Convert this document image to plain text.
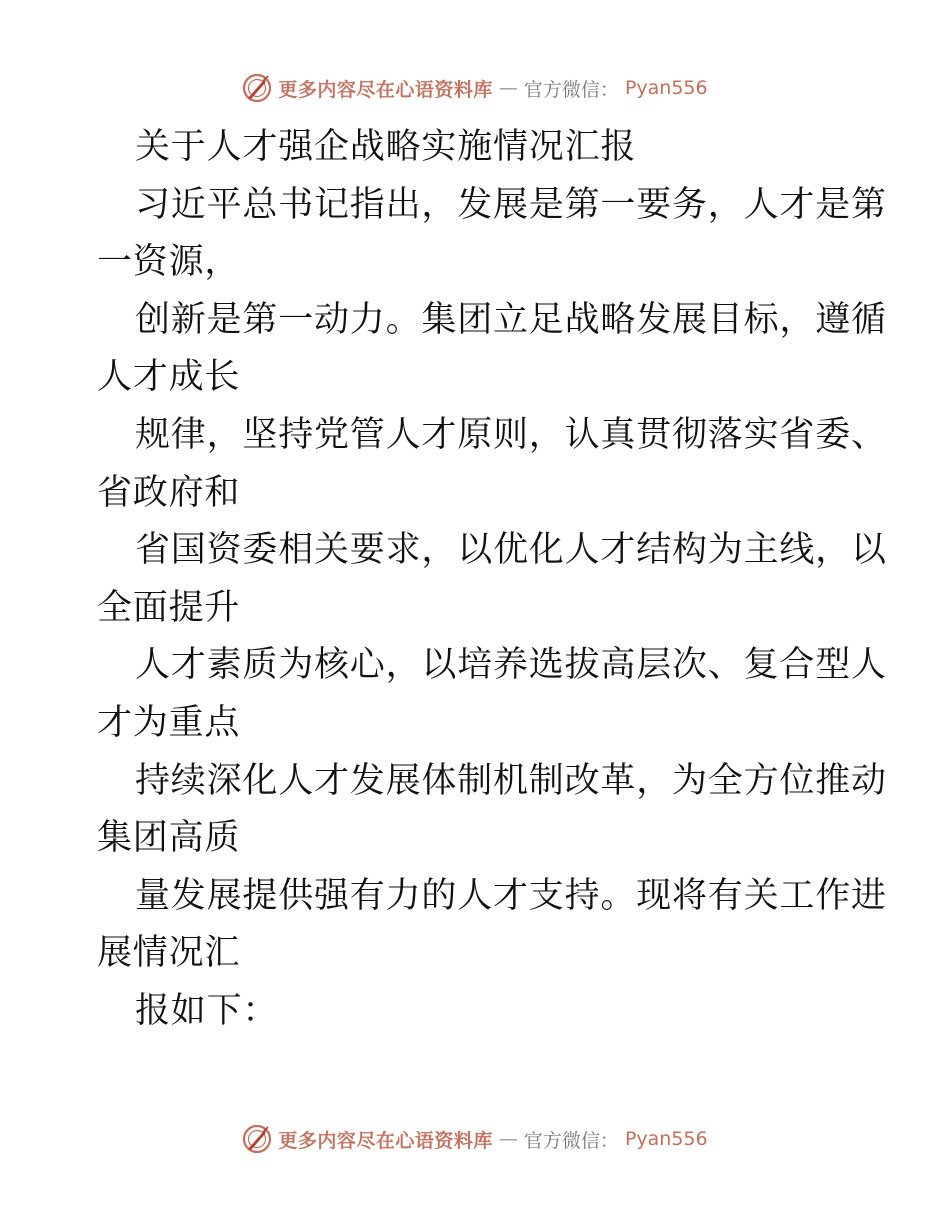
更多内容尽在心语资料库 — 官方微信： Pyan556
关于人才强企战略实施情况汇报
习近平总书记指出，发展是第一要务，人才是第
一资源，
创新是第一动力。集团立足战略发展目标，遵循
人才成长
规律，坚持党管人才原则，认真贯彻落实省委、
省政府和
省国资委相关要求，以优化人才结构为主线，以
全面提升
人才素质为核心，以培养选拔高层次、复合型人
才为重点
持续深化人才发展体制机制改革，为全方位推动
集团高质
量发展提供强有力的人才支持。现将有关工作进
展情况汇
报如下：
更多内容尽在心语资料库 — 官方微信： Pyan556
